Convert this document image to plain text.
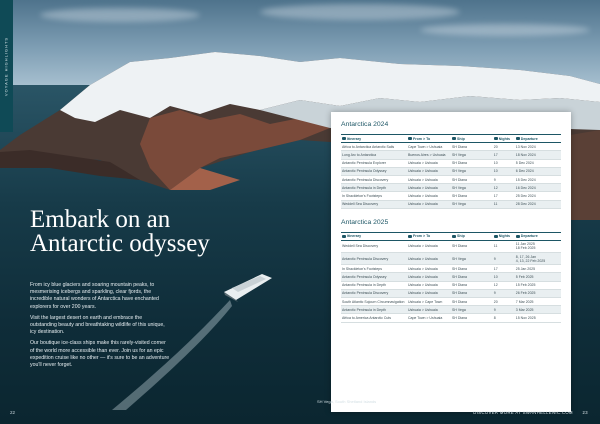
VOYAGE HIGHLIGHTS
Embark on an Antarctic odyssey

From icy blue glaciers and soaring mountain peaks, to mesmerising icebergs and sparkling, clear fjords, the incredible natural wonders of Antarctica have enchanted explorers for over 200 years.

Visit the largest desert on earth and embrace the outstanding beauty and breathtaking wildlife of this unique, icy destination.

Our boutique ice-class ships make this rarely-visited corner of the world more accessible than ever. Join us for an epic expedition cruise like no other — it's sure to be an adventure you'll never forget.

Antarctica 2024
Itinerary	From > To	Ship	Nights	Departure
Africa to Antarctica Antarctic Sails	Cape Town > Ushuaia	SH Diana	20	13 Nov 2024
Long Arc to Antarctica	Buenos Aires > Ushuaia	SH Vega	17	18 Nov 2024
Antarctic Peninsula Explorer	Ushuaia > Ushuaia	SH Diana	10	5 Dec 2024
Antarctic Peninsula Odyssey	Ushuaia > Ushuaia	SH Vega	10	6 Dec 2024
Antarctic Peninsula Discovery	Ushuaia > Ushuaia	SH Diana	9	15 Dec 2024
Antarctic Peninsula in Depth	Ushuaia > Ushuaia	SH Vega	12	16 Dec 2024
In Shackleton's Footsteps	Ushuaia > Ushuaia	SH Diana	17	25 Dec 2024
Weddell Sea Discovery	Ushuaia > Ushuaia	SH Vega	11	28 Dec 2024
Antarctica 2025
Itinerary	From > To	Ship	Nights	Departure
Weddell Sea Discovery	Ushuaia > Ushuaia	SH Diana	11	11 Jan 2025
18 Feb 2025
Antarctic Peninsula Discovery	Ushuaia > Ushuaia	SH Vega	9	8, 17, 26 Jan
4, 13, 22 Feb 2025
In Shackleton's Footsteps	Ushuaia > Ushuaia	SH Diana	17	25 Jan 2025
Antarctic Peninsula Odyssey	Ushuaia > Ushuaia	SH Diana	10	5 Feb 2025
Antarctic Peninsula in Depth	Ushuaia > Ushuaia	SH Diana	12	15 Feb 2025
Antarctic Peninsula Discovery	Ushuaia > Ushuaia	SH Diana	9	26 Feb 2025
South Atlantic Sojourn Circumnavigation	Ushuaia > Cape Town	SH Diana	20	7 Mar 2025
Antarctic Peninsula in Depth	Ushuaia > Ushuaia	SH Vega	9	3 Mar 2025
Africa to America Antarctic Cuts	Cape Town > Ushuaia	SH Diana	8	15 Nov 2025
SH Vega, South Shetland Islands
22	DISCOVER MORE AT SWANHELLENIC.COM 23
